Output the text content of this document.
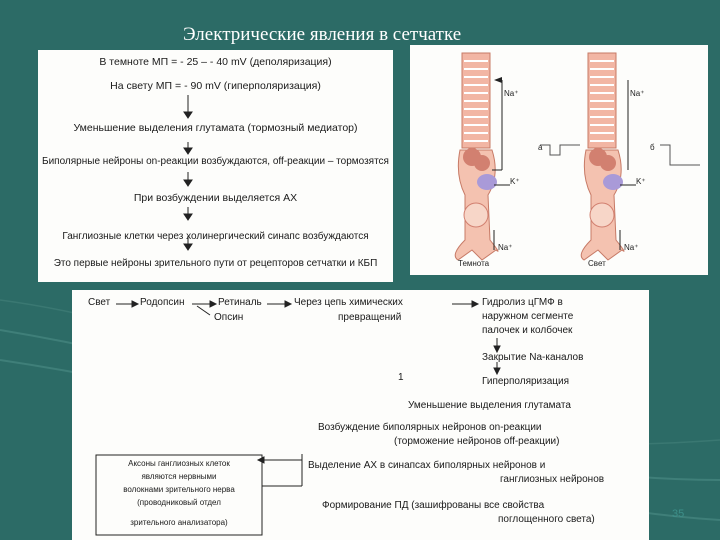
Электрические явления в сетчатке
В темноте МП = - 25 – - 40 mV (деполяризация)
На свету МП = - 90 mV (гиперполяризация)
Уменьшение выделения глутамата (тормозный медиатор)
Биполярные нейроны on-реакции возбуждаются, off-реакции – тормозятся
При возбуждении выделяется АХ
Ганглиозные клетки через холинергический синапс возбуждаются
Это первые нейроны зрительного пути от рецепторов сетчатки и КБП
Na⁺
K⁺
Na⁺
Темнота
а
Na⁺
K⁺
Na⁺
Свет
б
Свет	Родопсин	Ретиналь
Опсин
Через цепь химических
превращений
Гидролиз цГМФ в
наружном сегменте
палочек и колбочек
Закрытие Na-каналов
1	Гиперполяризация
Уменьшение выделения глутамата
Возбуждение биполярных нейронов on-реакции
(торможение нейронов off-реакции)
Выделение АХ в синапсах биполярных нейронов и
ганглиозных нейронов
Формирование ПД (зашифрованы все свойства
поглощенного света)
Аксоны ганглиозных клеток
являются нервными
волокнами зрительного нерва
(проводниковый отдел
зрительного анализатора)
35
